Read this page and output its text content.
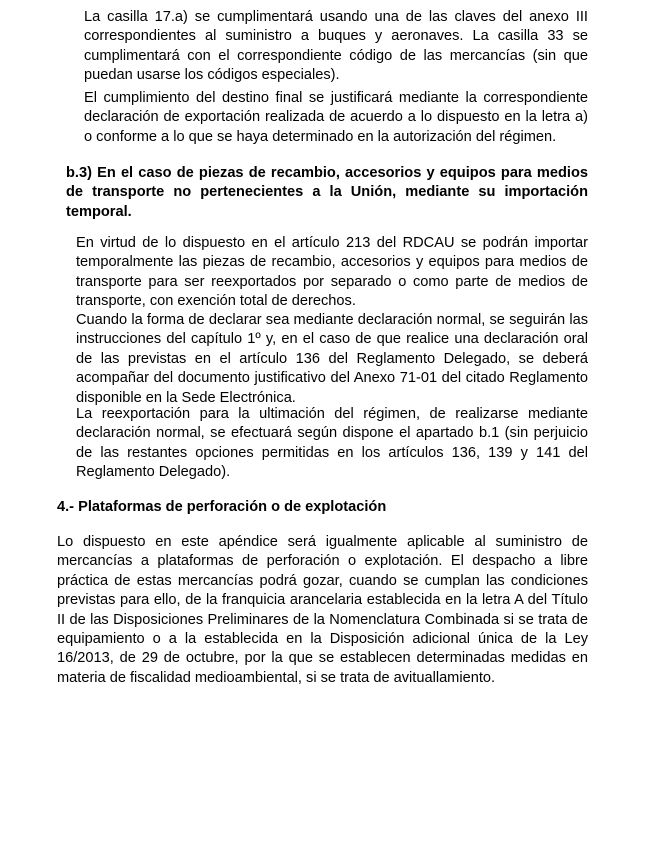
La casilla 17.a) se cumplimentará usando una de las claves del anexo III correspondientes al suministro a buques y aeronaves. La casilla 33 se cumplimentará con el correspondiente código de las mercancías (sin que puedan usarse los códigos especiales).

El cumplimiento del destino final se justificará mediante la correspondiente declaración de exportación realizada de acuerdo a lo dispuesto en la letra a) o conforme a lo que se haya determinado en la autorización del régimen.

b.3) En el caso de piezas de recambio, accesorios y equipos para medios de transporte no pertenecientes a la Unión, mediante su importación temporal.

En virtud de lo dispuesto en el artículo 213 del RDCAU se podrán importar temporalmente las piezas de recambio, accesorios y equipos para medios de transporte para ser reexportados por separado o como parte de medios de transporte, con exención total de derechos.

Cuando la forma de declarar sea mediante declaración normal, se seguirán las instrucciones del capítulo 1º y, en el caso de que realice una declaración oral de las previstas en el artículo 136 del Reglamento Delegado, se deberá acompañar del documento justificativo del Anexo 71-01 del citado Reglamento disponible en la Sede Electrónica.

La reexportación para la ultimación del régimen, de realizarse mediante declaración normal, se efectuará según dispone el apartado b.1 (sin perjuicio de las restantes opciones permitidas en los artículos 136, 139 y 141 del Reglamento Delegado).

4.- Plataformas de perforación o de explotación

Lo dispuesto en este apéndice será igualmente aplicable al suministro de mercancías a plataformas de perforación o explotación. El despacho a libre práctica de estas mercancías podrá gozar, cuando se cumplan las condiciones previstas para ello, de la franquicia arancelaria establecida en la letra A del Título II de las Disposiciones Preliminares de la Nomenclatura Combinada si se trata de equipamiento o a la establecida en la Disposición adicional única de la Ley 16/2013, de 29 de octubre, por la que se establecen determinadas medidas en materia de fiscalidad medioambiental, si se trata de avituallamiento.
